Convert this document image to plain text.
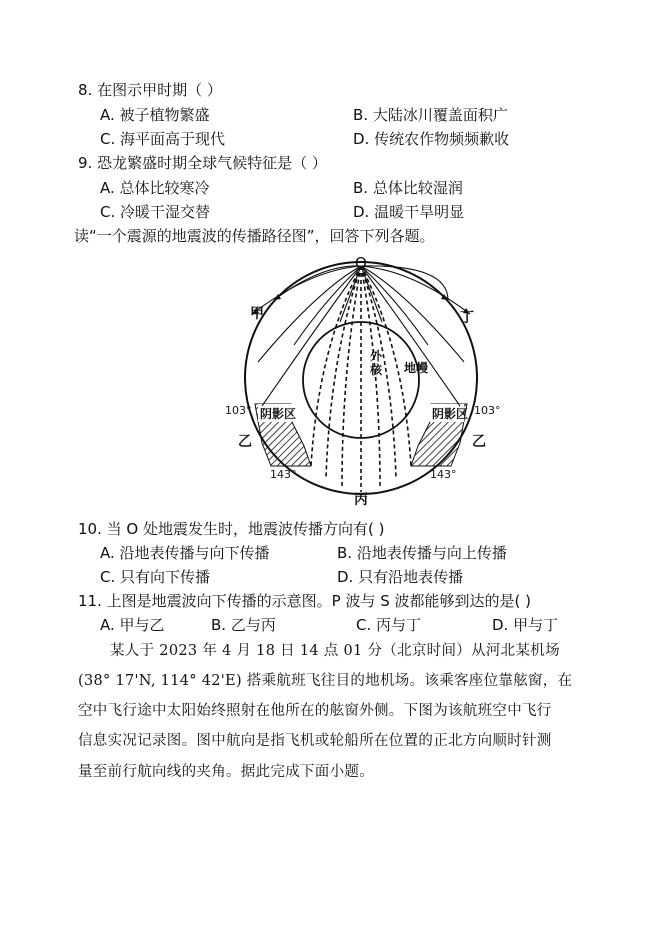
8. 在图示甲时期（ ）
A. 被子植物繁盛	B. 大陆冰川覆盖面积广
C. 海平面高于现代	D. 传统农作物频频歉收
9. 恐龙繁盛时期全球气候特征是（ ）
A. 总体比较寒冷	B. 总体比较湿润
C. 冷暖干湿交替	D. 温暖干旱明显
读“一个震源的地震波的传播路径图”，回答下列各题。
O
甲	丁
外核 地幔
阴影区	阴影区
103°	103°
乙	乙
143°	143°
丙
10. 当 O 处地震发生时，地震波传播方向有( )
A. 沿地表传播与向下传播	B. 沿地表传播与向上传播
C. 只有向下传播	D. 只有沿地表传播
11. 上图是地震波向下传播的示意图。P 波与 S 波都能够到达的是( )
A. 甲与乙	B. 乙与丙	C. 丙与丁	D. 甲与丁
某人于 2023 年 4 月 18 日 14 点 01 分（北京时间）从河北某机场
(38° 17'N, 114° 42'E) 搭乘航班飞往目的地机场。该乘客座位靠舷窗，在
空中飞行途中太阳始终照射在他所在的舷窗外侧。下图为该航班空中飞行
信息实况记录图。图中航向是指飞机或轮船所在位置的正北方向顺时针测
量至前行航向线的夹角。据此完成下面小题。
